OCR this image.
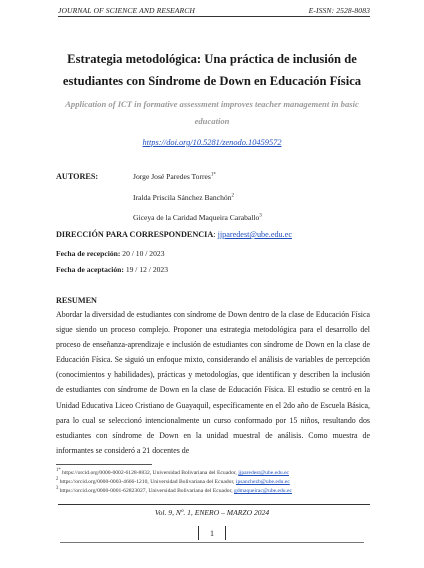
JOURNAL OF SCIENCE AND RESEARCH	E-ISSN: 2528-8083
Estrategia metodológica: Una práctica de inclusión de estudiantes con Síndrome de Down en Educación Física
Application of ICT in formative assessment improves teacher management in basic education
https://doi.org/10.5281/zenodo.10459572
AUTORES:	Jorge José Paredes Torres$^{1*}$
Iralda Priscila Sánchez Banchón$^2$
Giceya de la Caridad Maqueira Caraballo$^3$
DIRECCIÓN PARA CORRESPONDENCIA: jjparedest@ube.edu.ec
Fecha de recepción: 20 / 10 / 2023
Fecha de aceptación: 19 / 12 / 2023
RESUMEN
Abordar la diversidad de estudiantes con síndrome de Down dentro de la clase de Educación Física sigue siendo un proceso complejo. Proponer una estrategia metodológica para el desarrollo del proceso de enseñanza-aprendizaje e inclusión de estudiantes con síndrome de Down en la clase de Educación Física. Se siguió un enfoque mixto, considerando el análisis de variables de percepción (conocimientos y habilidades), prácticas y metodologías, que identifican y describen la inclusión de estudiantes con síndrome de Down en la clase de Educación Física. El estudio se centró en la Unidad Educativa Liceo Cristiano de Guayaquil, específicamente en el 2do año de Escuela Básica, para lo cual se seleccionó intencionalmente un curso conformado por 15 niños, resultando dos estudiantes con síndrome de Down en la unidad muestral de análisis. Como muestra de informantes se consideró a 21 docentes de
$^{1*}$ https://orcid.org/0000-0002-6128-8832, Universidad Bolivariana del Ecuador, jjparedest@ube.edu.ec
$^2$ https://orcid.org/0000-0003-4666-1210, Universidad Bolivariana del Ecuador, ipsanchezb@ube.edu.ec
$^3$ https://orcid.org/0000-0001-62823027, Universidad Bolivariana del Ecuador, gdmaqueirac@ube.edu.ec
Vol. 9, Nº. 1, ENERO – MARZO 2024
1
